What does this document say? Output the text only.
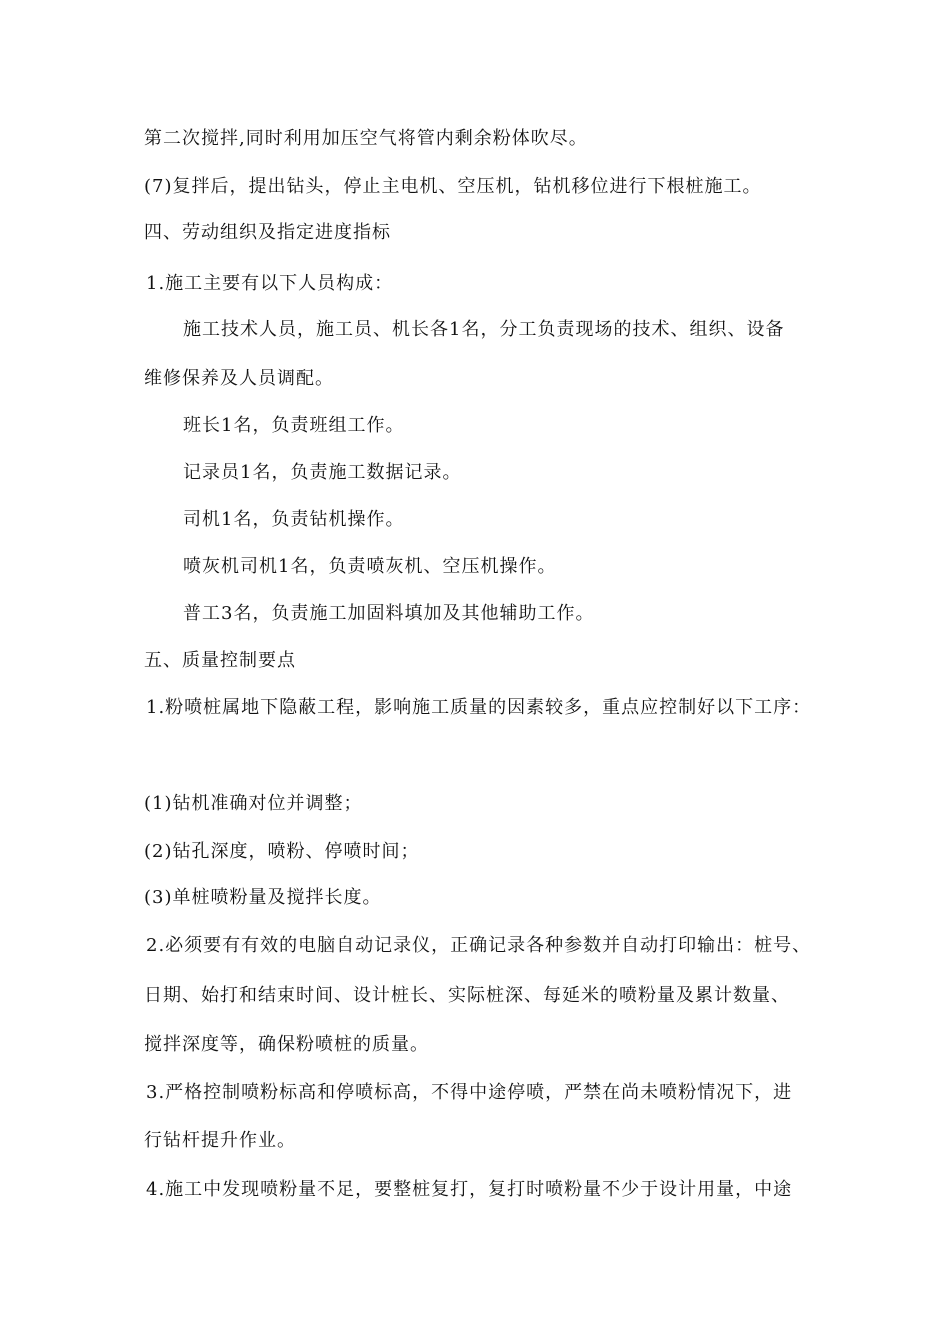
第二次搅拌,同时利用加压空气将管内剩余粉体吹尽。
(7)复拌后，提出钻头，停止主电机、空压机，钻机移位进行下根桩施工。
四、劳动组织及指定进度指标
1.施工主要有以下人员构成：
施工技术人员，施工员、机长各1名，分工负责现场的技术、组织、设备
维修保养及人员调配。
班长1名，负责班组工作。
记录员1名，负责施工数据记录。
司机1名，负责钻机操作。
喷灰机司机1名，负责喷灰机、空压机操作。
普工3名，负责施工加固料填加及其他辅助工作。
五、质量控制要点
1.粉喷桩属地下隐蔽工程，影响施工质量的因素较多，重点应控制好以下工序：
(1)钻机准确对位并调整；
(2)钻孔深度，喷粉、停喷时间；
(3)单桩喷粉量及搅拌长度。
2.必须要有有效的电脑自动记录仪，正确记录各种参数并自动打印输出：桩号、
日期、始打和结束时间、设计桩长、实际桩深、每延米的喷粉量及累计数量、
搅拌深度等，确保粉喷桩的质量。
3.严格控制喷粉标高和停喷标高，不得中途停喷，严禁在尚未喷粉情况下，进
行钻杆提升作业。
4.施工中发现喷粉量不足，要整桩复打，复打时喷粉量不少于设计用量，中途
